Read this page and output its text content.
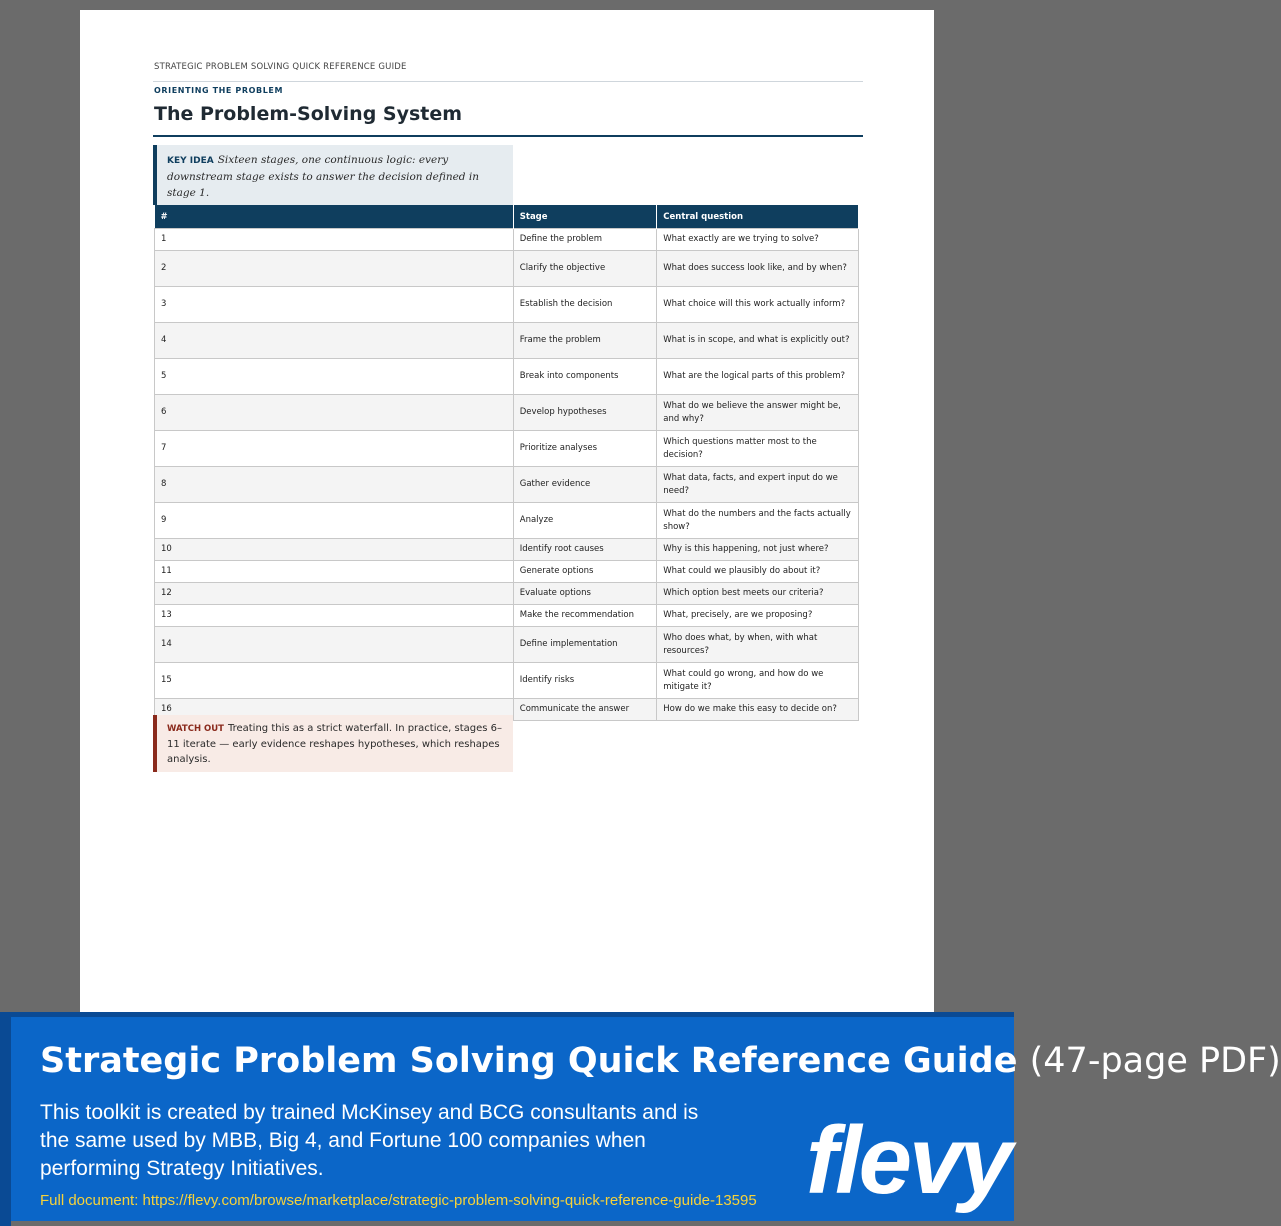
STRATEGIC PROBLEM SOLVING QUICK REFERENCE GUIDE
ORIENTING THE PROBLEM
The Problem-Solving System
KEY IDEA Sixteen stages, one continuous logic: every downstream stage exists to answer the decision defined in stage 1.
#	Stage	Central question
1	Define the problem	What exactly are we trying to solve?
2	Clarify the objective	What does success look like, and by when?
3	Establish the decision	What choice will this work actually inform?
4	Frame the problem	What is in scope, and what is explicitly out?
5	Break into components	What are the logical parts of this problem?
6	Develop hypotheses	What do we believe the answer might be, and why?
7	Prioritize analyses	Which questions matter most to the decision?
8	Gather evidence	What data, facts, and expert input do we need?
9	Analyze	What do the numbers and the facts actually show?
10	Identify root causes	Why is this happening, not just where?
11	Generate options	What could we plausibly do about it?
12	Evaluate options	Which option best meets our criteria?
13	Make the recommendation	What, precisely, are we proposing?
14	Define implementation	Who does what, by when, with what resources?
15	Identify risks	What could go wrong, and how do we mitigate it?
16	Communicate the answer	How do we make this easy to decide on?
WATCH OUT Treating this as a strict waterfall. In practice, stages 6–11 iterate — early evidence reshapes hypotheses, which reshapes analysis.
Strategic Problem Solving Quick Reference Guide (47-page PDF)
This toolkit is created by trained McKinsey and BCG consultants and is the same used by MBB, Big 4, and Fortune 100 companies when performing Strategy Initiatives.
Full document: https://flevy.com/browse/marketplace/strategic-problem-solving-quick-reference-guide-13595 flevy
